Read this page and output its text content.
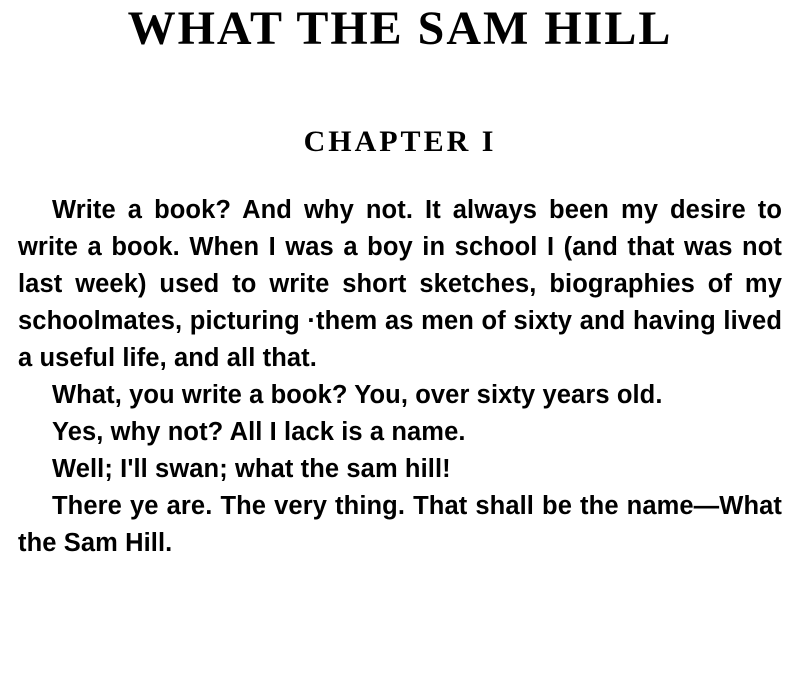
WHAT THE SAM HILL
CHAPTER I

Write a book? And why not. It always been my desire to write a book. When I was a boy in school I (and that was not last week) used to write short sketches, biographies of my schoolmates, picturing ·them as men of sixty and having lived a useful life, and all that.

What, you write a book? You, over sixty years old.

Yes, why not? All I lack is a name.

Well; I'll swan; what the sam hill!

There ye are. The very thing. That shall be the name—What the Sam Hill.
